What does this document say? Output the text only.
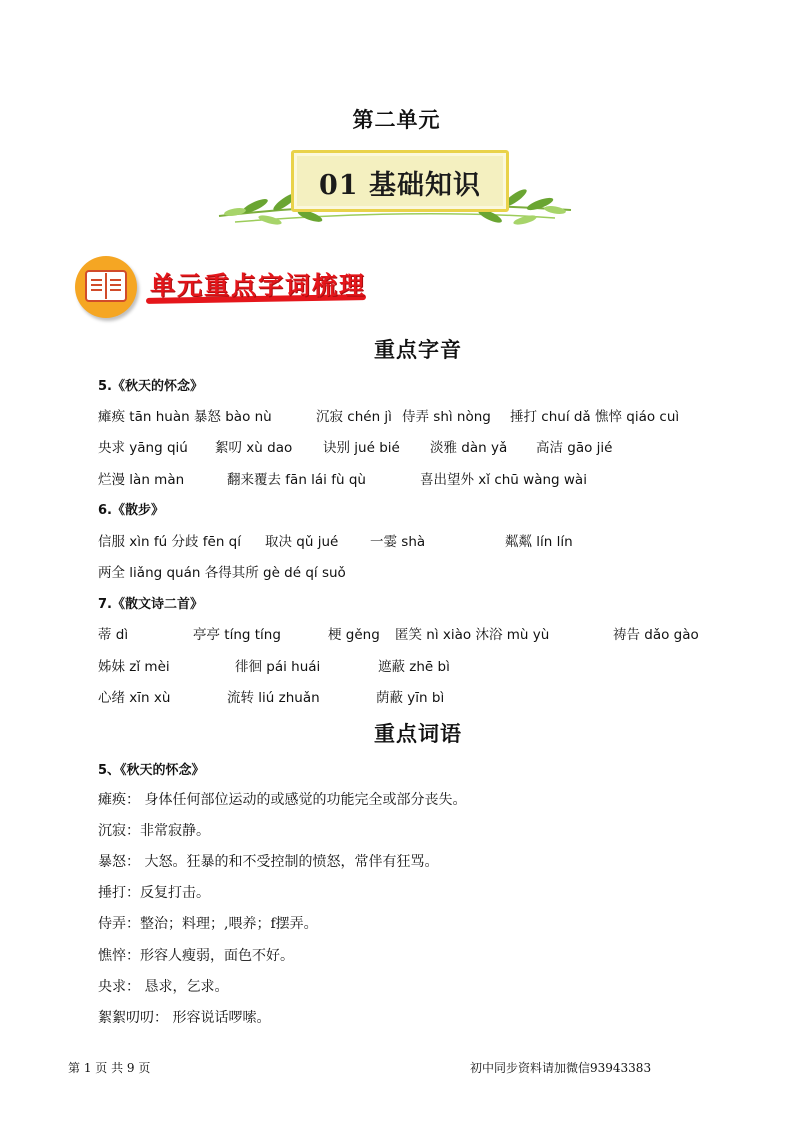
第二单元
01 基础知识
单元重点字词梳理
重点字音
5.《秋天的怀念》
瘫痪 tān huàn 暴怒 bào nù	沉寂 chén jì 侍弄 shì nòng 捶打 chuí dǎ 憔悴 qiáo cuì
央求 yāng qiú 絮叨 xù dao 诀别 jué bié 淡雅 dàn yǎ 高洁 gāo jié
烂漫 làn màn	翻来覆去 fān lái fù qù	喜出望外 xǐ chū wàng wài
6.《散步》
信服 xìn fú 分歧 fēn qí 取决 qǔ jué 一霎 shà	粼粼 lín lín
两全 liǎng quán 各得其所 gè dé qí suǒ
7.《散文诗二首》
蒂 dì	亭亭 tíng tíng	梗 gěng 匿笑 nì xiào 沐浴 mù yù	祷告 dǎo gào
姊妹 zǐ mèi	徘徊 pái huái	遮蔽 zhē bì
心绪 xīn xù	流转 liú zhuǎn	荫蔽 yīn bì
重点词语
5、《秋天的怀念》
瘫痪： 身体任何部位运动的或感觉的功能完全或部分丧失。
沉寂：非常寂静。
暴怒： 大怒。狂暴的和不受控制的愤怒，常伴有狂骂。
捶打：反复打击。
侍弄：整治；料理；,喂养；f摆弄。
憔悴：形容人瘦弱，面色不好。
央求： 恳求，乞求。
絮絮叨叨： 形容说话啰嗦。
第 1 页 共 9 页	初中同步资料请加微信93943383
